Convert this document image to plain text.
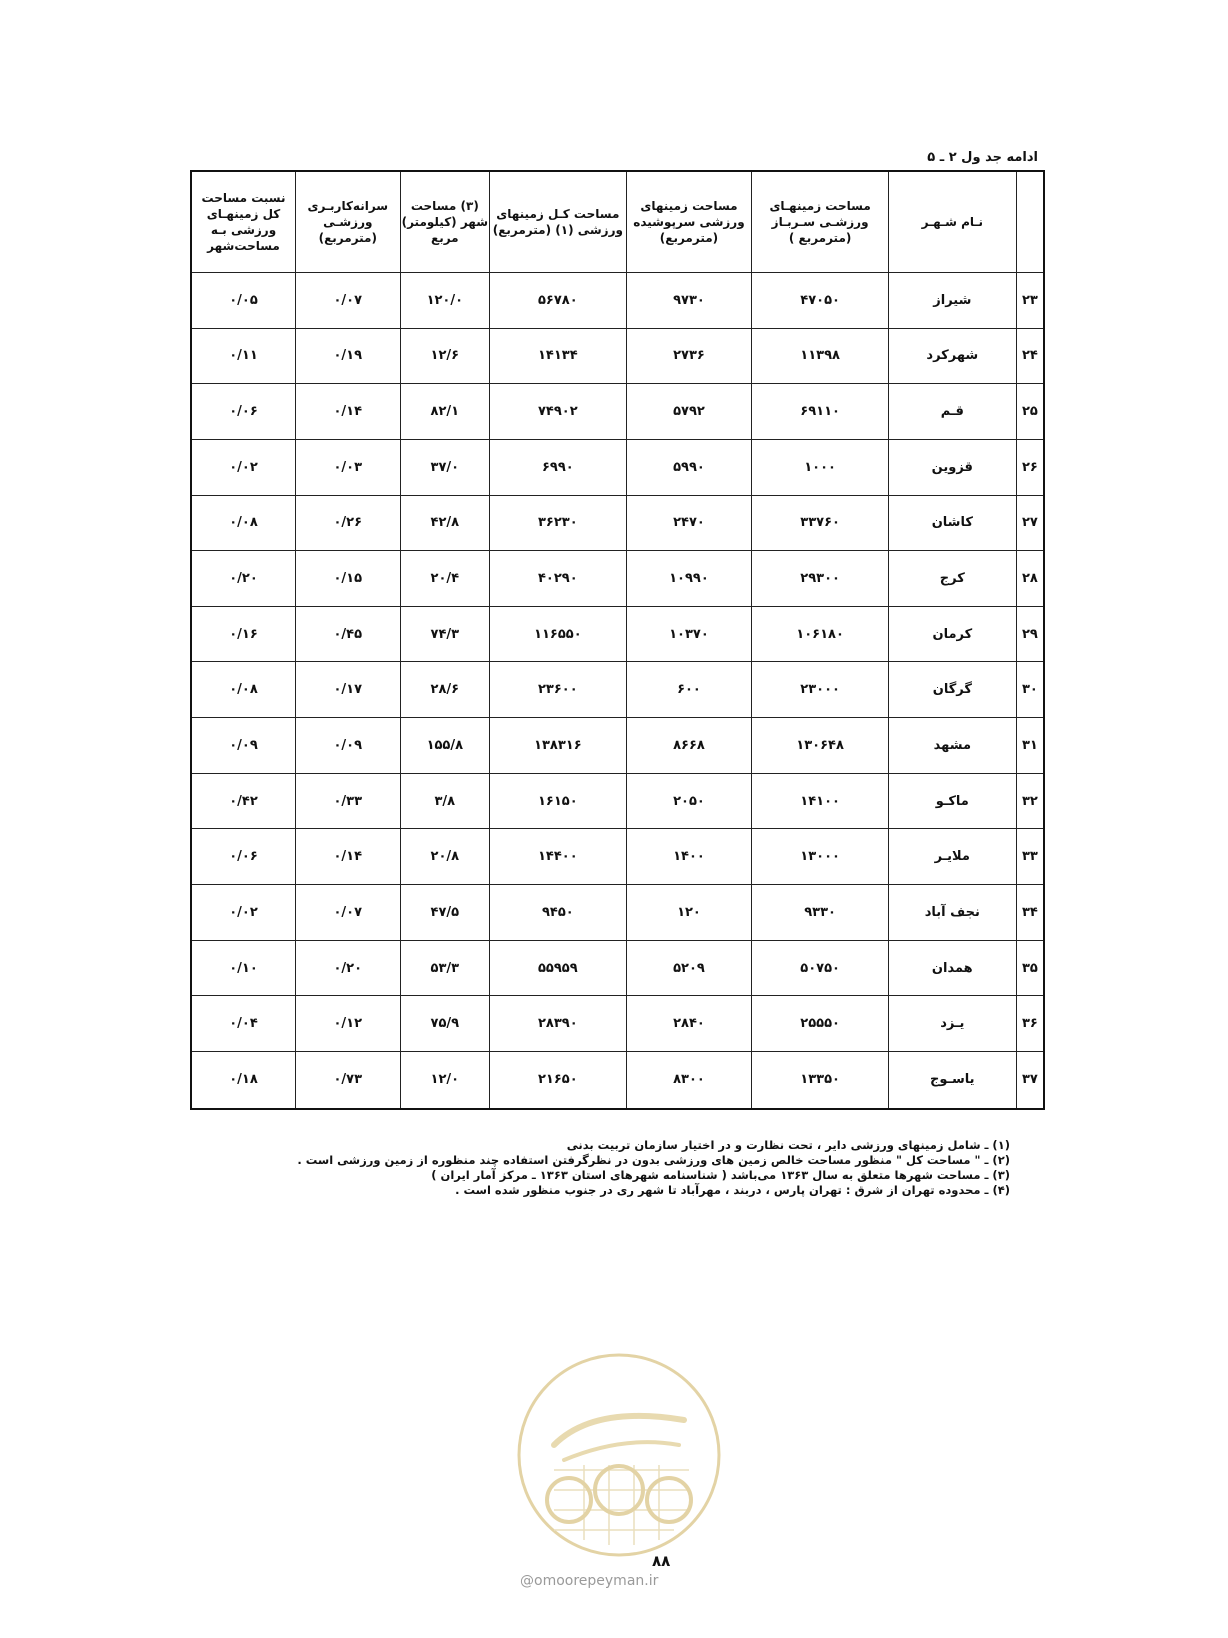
ادامه جد ول ۲ ـ ۵
	نـام شـهـر	مساحت زمینهـای ورزشـی سـربـاز (مترمربع )	مساحت زمینهای ورزشی سرپوشیده (مترمربع)	مساحت کـل زمینهای ورزشی (۱) (مترمربع)	(۳) مساحت شهر (کیلومتر) مربع	سرانه‌کاربـری ورزشـی (مترمربع)	نسبت مساحت کل زمینهـای ورزشی بـه مساحت‌شهر
۲۳	شیراز	۴۷۰۵۰	۹۷۳۰	۵۶۷۸۰	۱۲۰/۰	۰/۰۷	۰/۰۵
۲۴	شهرکرد	۱۱۳۹۸	۲۷۳۶	۱۴۱۳۴	۱۲/۶	۰/۱۹	۰/۱۱
۲۵	قـم	۶۹۱۱۰	۵۷۹۲	۷۴۹۰۲	۸۲/۱	۰/۱۴	۰/۰۶
۲۶	قزوین	۱۰۰۰	۵۹۹۰	۶۹۹۰	۳۷/۰	۰/۰۳	۰/۰۲
۲۷	کاشان	۳۳۷۶۰	۲۴۷۰	۳۶۲۳۰	۴۲/۸	۰/۲۶	۰/۰۸
۲۸	کرج	۲۹۳۰۰	۱۰۹۹۰	۴۰۲۹۰	۲۰/۴	۰/۱۵	۰/۲۰
۲۹	کرمان	۱۰۶۱۸۰	۱۰۳۷۰	۱۱۶۵۵۰	۷۴/۳	۰/۴۵	۰/۱۶
۳۰	گرگان	۲۳۰۰۰	۶۰۰	۲۳۶۰۰	۲۸/۶	۰/۱۷	۰/۰۸
۳۱	مشهد	۱۳۰۶۴۸	۸۶۶۸	۱۳۸۳۱۶	۱۵۵/۸	۰/۰۹	۰/۰۹
۳۲	ماکـو	۱۴۱۰۰	۲۰۵۰	۱۶۱۵۰	۳/۸	۰/۳۳	۰/۴۲
۳۳	ملایـر	۱۳۰۰۰	۱۴۰۰	۱۴۴۰۰	۲۰/۸	۰/۱۴	۰/۰۶
۳۴	نجف آباد	۹۳۳۰	۱۲۰	۹۴۵۰	۴۷/۵	۰/۰۷	۰/۰۲
۳۵	همدان	۵۰۷۵۰	۵۲۰۹	۵۵۹۵۹	۵۳/۳	۰/۲۰	۰/۱۰
۳۶	یـزد	۲۵۵۵۰	۲۸۴۰	۲۸۳۹۰	۷۵/۹	۰/۱۲	۰/۰۴
۳۷	یاسـوج	۱۳۳۵۰	۸۳۰۰	۲۱۶۵۰	۱۲/۰	۰/۷۳	۰/۱۸
(۱) ـ شامل زمینهای ورزشی دایر ، تحت نظارت و در اختیار سازمان تربیت بدنی
(۲) ـ " مساحت کل " منظور مساحت خالص زمین های ورزشی بدون در نظرگرفتن استفاده چند منظوره از زمین ورزشی است .
(۳) ـ مساحت شهرها متعلق به سال ۱۳۶۳ می‌باشد ( شناسنامه شهرهای استان ۱۳۶۳ ـ مرکز آمار ایران )
(۴) ـ محدوده تهران از شرق : تهران پارس ، دربند ، مهرآباد تا شهر ری در جنوب منظور شده است .
۸۸
@omoorepeyman.ir
